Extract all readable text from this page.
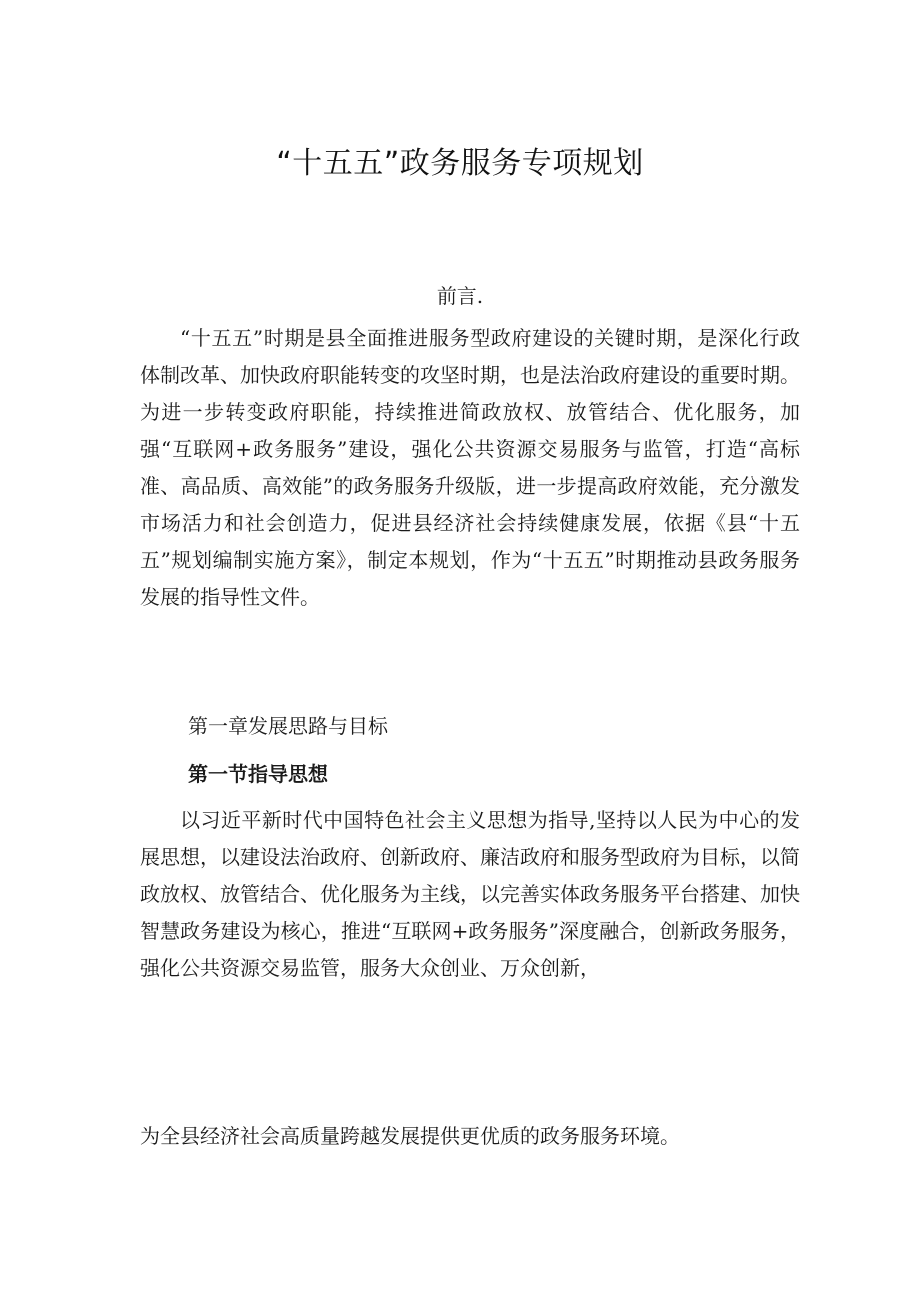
“十五五”政务服务专项规划
前言.

“十五五”时期是县全面推进服务型政府建设的关键时期，是深化行政体制改革、加快政府职能转变的攻坚时期，也是法治政府建设的重要时期。为进一步转变政府职能，持续推进简政放权、放管结合、优化服务，加强“互联网+政务服务”建设，强化公共资源交易服务与监管，打造“高标准、高品质、高效能”的政务服务升级版，进一步提高政府效能，充分激发市场活力和社会创造力，促进县经济社会持续健康发展，依据《县“十五五”规划编制实施方案》，制定本规划，作为“十五五”时期推动县政务服务发展的指导性文件。

第一章发展思路与目标
第一节指导思想

以习近平新时代中国特色社会主义思想为指导,坚持以人民为中心的发展思想，以建设法治政府、创新政府、廉洁政府和服务型政府为目标，以简政放权、放管结合、优化服务为主线，以完善实体政务服务平台搭建、加快智慧政务建设为核心，推进“互联网+政务服务”深度融合，创新政务服务，强化公共资源交易监管，服务大众创业、万众创新，

为全县经济社会高质量跨越发展提供更优质的政务服务环境。
